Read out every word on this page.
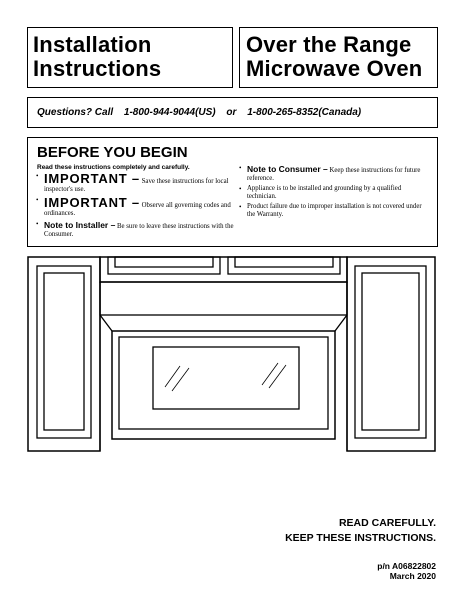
Installation
Instructions
Over the Range
Microwave Oven
Questions? Call 1-800-944-9044(US) or 1-800-265-8352(Canada)
BEFORE YOU BEGIN
Read these instructions completely and carefully.
• IMPORTANT – Save these instructions for local inspector's use.
• IMPORTANT – Observe all governing codes and ordinances.
• Note to Installer – Be sure to leave these instructions with the Consumer.
• Note to Consumer – Keep these instructions for future reference.
• Appliance is to be installed and grounding by a qualified technician.
• Product failure due to improper installation is not covered under the Warranty.
READ CAREFULLY.
KEEP THESE INSTRUCTIONS.
p/n A06822802
March 2020
